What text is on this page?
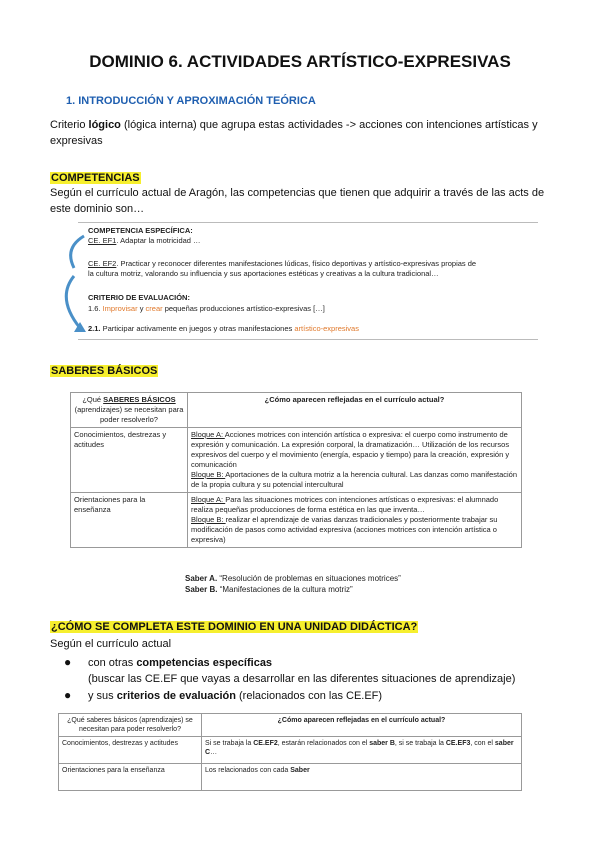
DOMINIO 6. ACTIVIDADES ARTÍSTICO-EXPRESIVAS
1. INTRODUCCIÓN Y APROXIMACIÓN TEÓRICA
Criterio lógico (lógica interna) que agrupa estas actividades -> acciones con intenciones artísticas y
expresivas
COMPETENCIAS
Según el currículo actual de Aragón, las competencias que tienen que adquirir a través de las acts de
este dominio son…
COMPETENCIA ESPECÍFICA:
CE. EF1. Adaptar la motricidad …
CE. EF2. Practicar y reconocer diferentes manifestaciones lúdicas, físico deportivas y artístico-expresivas propias de
la cultura motriz, valorando su influencia y sus aportaciones estéticas y creativas a la cultura tradicional…
CRITERIO DE EVALUACIÓN:
1.6. Improvisar y crear pequeñas producciones artístico-expresivas […]
2.1. Participar activamente en juegos y otras manifestaciones artístico-expresivas
SABERES BÁSICOS
¿Qué SABERES BÁSICOS (aprendizajes) se necesitan para poder resolverlo?	¿Cómo aparecen reflejadas en el currículo actual?
Conocimientos, destrezas y actitudes	Bloque A: Acciones motrices con intención artística o expresiva: el cuerpo como instrumento de expresión y comunicación. La expresión corporal, la dramatización… Utilización de los recursos expresivos del cuerpo y el movimiento (energía, espacio y tiempo) para la creación, expresión y comunicación
Bloque B: Aportaciones de la cultura motriz a la herencia cultural. Las danzas como manifestación de la propia cultura y su potencial intercultural
Orientaciones para la enseñanza	Bloque A: Para las situaciones motrices con intenciones artísticas o expresivas: el alumnado realiza pequeñas producciones de forma estética en las que inventa…
Bloque B: realizar el aprendizaje de varias danzas tradicionales y posteriormente trabajar su modificación de pasos como actividad expresiva (acciones motrices con intención artística o expresiva)
Saber A. “Resolución de problemas en situaciones motrices”
Saber B. “Manifestaciones de la cultura motriz”
¿CÓMO SE COMPLETA ESTE DOMINIO EN UNA UNIDAD DIDÁCTICA?
Según el currículo actual
● con otras competencias específicas
(buscar las CE.EF que vayas a desarrollar en las diferentes situaciones de aprendizaje)
● y sus criterios de evaluación (relacionados con las CE.EF)
¿Qué saberes básicos (aprendizajes) se necesitan para poder resolverlo?	¿Cómo aparecen reflejadas en el currículo actual?
Conocimientos, destrezas y actitudes	Si se trabaja la CE.EF2, estarán relacionados con el saber B, si se trabaja la CE.EF3, con el saber C…
Orientaciones para la enseñanza	Los relacionados con cada Saber
